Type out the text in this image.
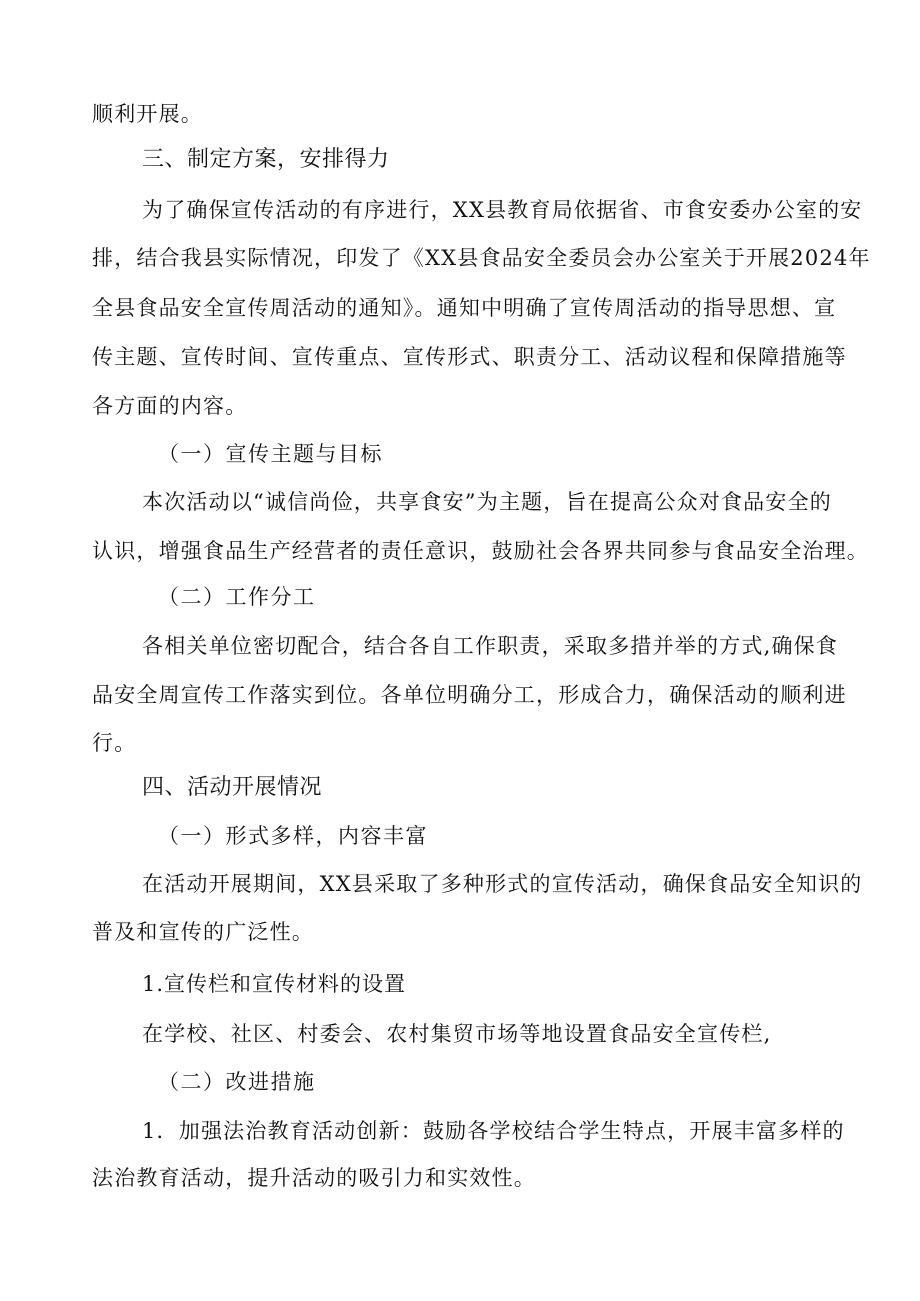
顺利开展。
三、制定方案，安排得力
为了确保宣传活动的有序进行，XX县教育局依据省、市食安委办公室的安
排，结合我县实际情况，印发了《XX县食品安全委员会办公室关于开展2024年
全县食品安全宣传周活动的通知》。通知中明确了宣传周活动的指导思想、宣
传主题、宣传时间、宣传重点、宣传形式、职责分工、活动议程和保障措施等
各方面的内容。
（一）宣传主题与目标
本次活动以“诚信尚俭，共享食安”为主题，旨在提高公众对食品安全的
认识，增强食品生产经营者的责任意识，鼓励社会各界共同参与食品安全治理。
（二）工作分工
各相关单位密切配合，结合各自工作职责，采取多措并举的方式,确保食
品安全周宣传工作落实到位。各单位明确分工，形成合力，确保活动的顺利进
行。
四、活动开展情况
（一）形式多样，内容丰富
在活动开展期间，XX县采取了多种形式的宣传活动，确保食品安全知识的
普及和宣传的广泛性。
1.宣传栏和宣传材料的设置
在学校、社区、村委会、农村集贸市场等地设置食品安全宣传栏,
（二）改进措施
1．加强法治教育活动创新：鼓励各学校结合学生特点，开展丰富多样的
法治教育活动，提升活动的吸引力和实效性。
